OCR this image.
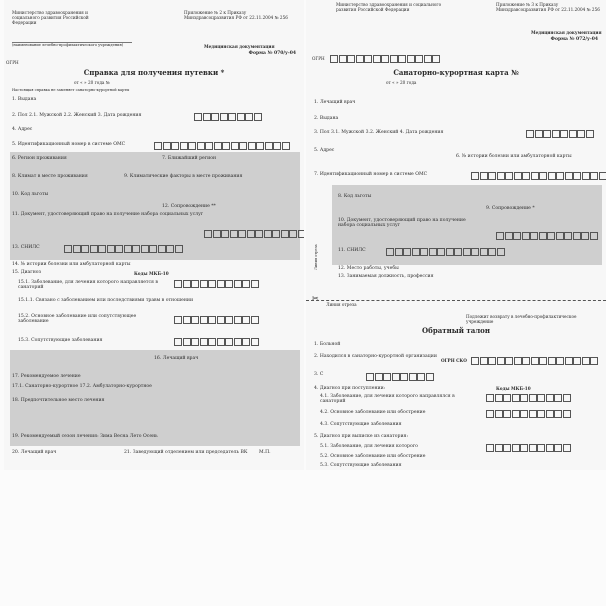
Министерство здравоохранения и социального развития Российской Федерации
Приложение № 2 к Приказу Минздравсоцразвития РФ от 22.11.2004 № 256
(наименование лечебно-профилактического учреждения)	Медицинская документация
Форма № 070/у-04
ОГРН
Справка для получения путевки *
от « » 20 года №
Настоящая справка не заменяет санаторно-курортной карты
1. Выдана
2. Пол 2.1. Мужской 2.2. Женский 3. Дата рождения
4. Адрес
5. Идентификационный номер в системе ОМС
6. Регион проживания	7. Ближайший регион
8. Климат в месте проживания	9. Климатические факторы в месте проживания
10. Код льготы
11. Документ, удостоверяющий право на получение набора социальных услуг
12. Сопровождение **
13. СНИЛС
14. № истории болезни или амбулаторной карты
15. Диагноз	Коды МКБ-10
15.1. Заболевание, для лечения которого направляется в санаторий
15.1.1. Связано с заболеванием или последствиями травм в отношении
15.2. Основное заболевание или сопутствующее заболевание
15.3. Сопутствующие заболевания
16. Лечащий врач
17. Рекомендуемое лечение
17.1. Санаторно-курортное 17.2. Амбулаторно-курортное
18. Предпочтительное место лечения
19. Рекомендуемый сезон лечения: Зима Весна Лето Осень
20. Лечащий врач	21. Заведующий отделением или председатель ВК	М.П.
Министерство здравоохранения и социального развития Российской Федерации
Приложение № 3 к Приказу Минздравсоцразвития РФ от 22.11.2004 № 256
Медицинская документация
Форма № 072/у-04
ОГРН
Санаторно-курортная карта №
от « » 20 года
1. Лечащий врач
2. Выдана
3. Пол 3.1. Мужской 3.2. Женский 4. Дата рождения
5. Адрес
6. № истории болезни или амбулаторной карты
7. Идентификационный номер в системе ОМС
Линия отреза
8. Код льготы
9. Сопровождение *
10. Документ, удостоверяющий право на получение набора социальных услуг
11. СНИЛС
12. Место работы, учебы
13. Занимаемая должность, профессия
✂
Линия отреза
Подлежит возврату в лечебно-профилактическое учреждение
Обратный талон
1. Больной
2. Находился в санаторно-курортной организации
ОГРН СКО
3. С
4. Диагноз при поступлении:	Коды МКБ-10
4.1. Заболевание, для лечения которого направлялся в санаторий
4.2. Основное заболевание или обострение
4.3. Сопутствующие заболевания
5. Диагноз при выписке из санатория:
5.1. Заболевание, для лечения которого
5.2. Основное заболевание или обострение
5.3. Сопутствующие заболевания
